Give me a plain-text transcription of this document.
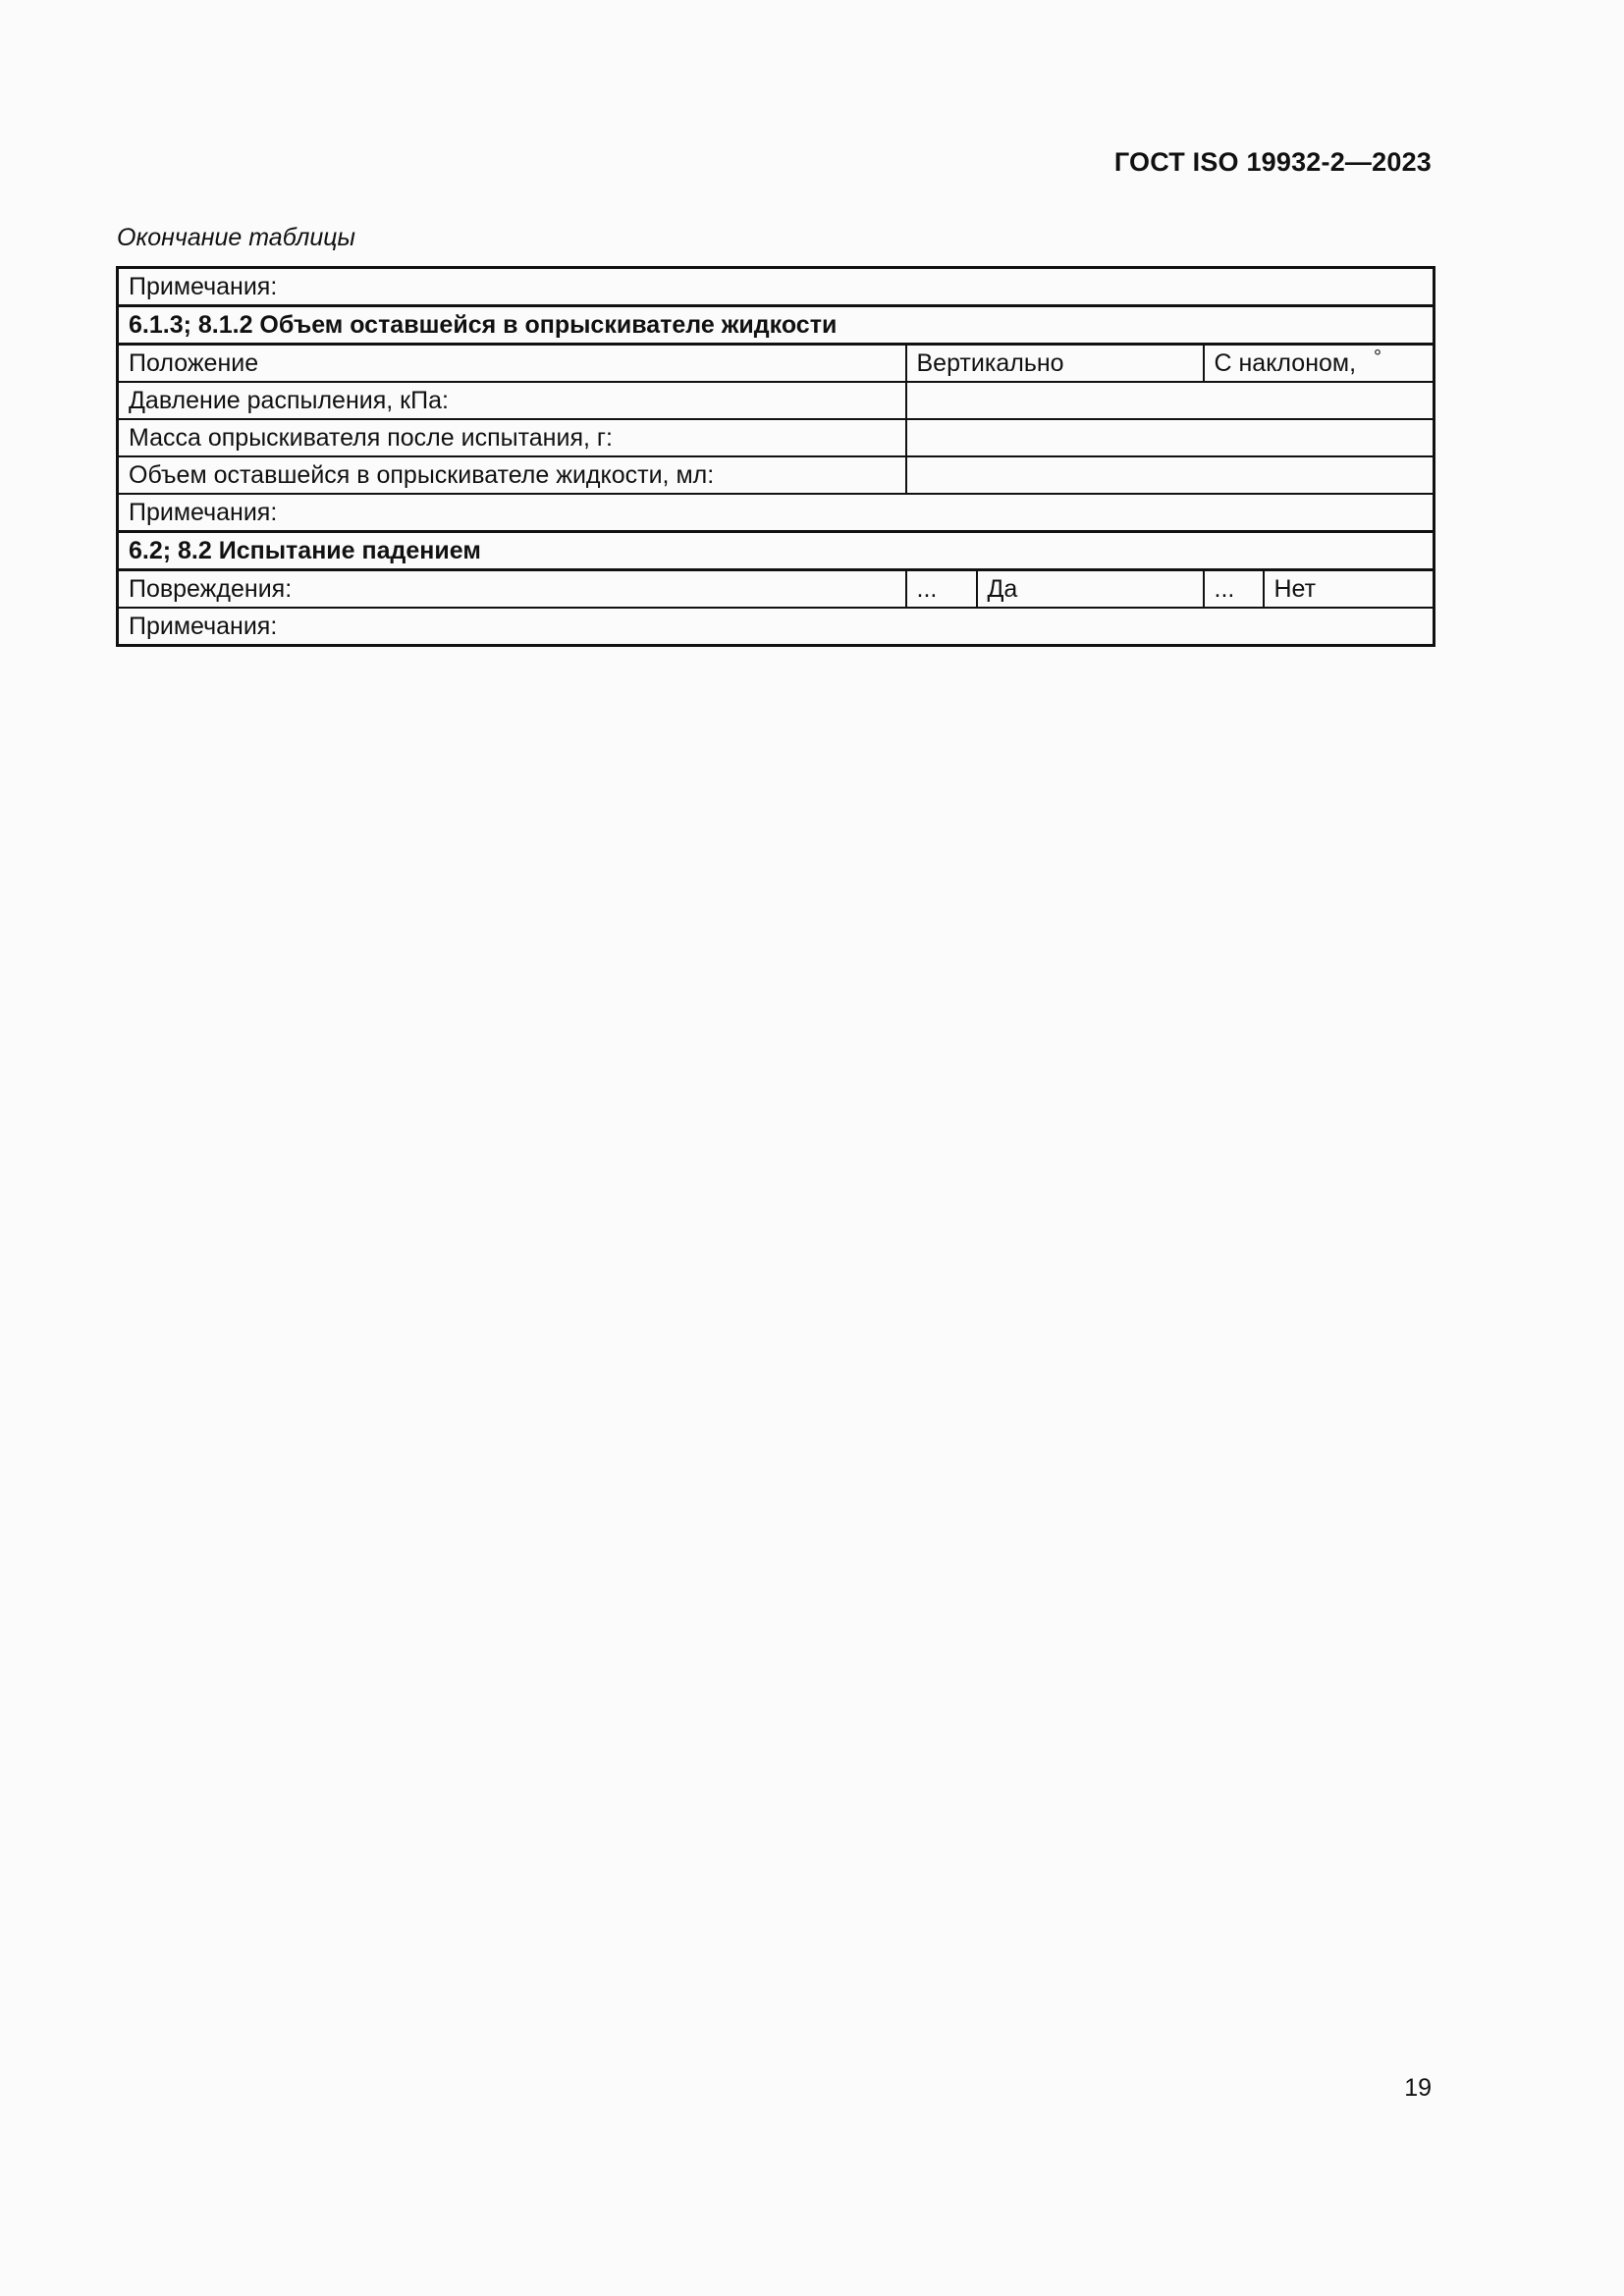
ГОСТ ISO 19932-2—2023
Окончание таблицы
Примечания:				
6.1.3; 8.1.2 Объем оставшейся в опрыскивателе жидкости				
Положение	Вертикально		С наклоном, °
Давление распыления, кПа:				
Масса опрыскивателя после испытания, г:				
Объем оставшейся в опрыскивателе жидкости, мл:				
Примечания:				
6.2; 8.2 Испытание падением				
Повреждения:	...	Да	...	Нет
Примечания:				
19
